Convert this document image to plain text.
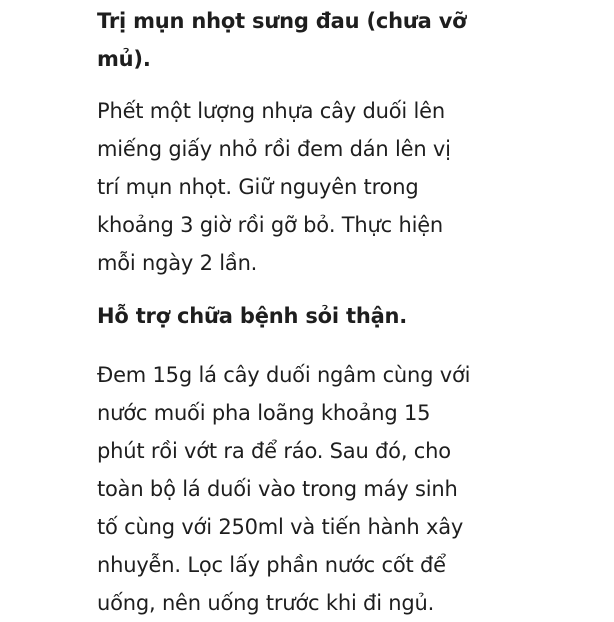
Trị mụn nhọt sưng đau (chưa vỡ
mủ).

Phết một lượng nhựa cây duối lên
miếng giấy nhỏ rồi đem dán lên vị
trí mụn nhọt. Giữ nguyên trong
khoảng 3 giờ rồi gỡ bỏ. Thực hiện
mỗi ngày 2 lần.

Hỗ trợ chữa bệnh sỏi thận.

Đem 15g lá cây duối ngâm cùng với
nước muối pha loãng khoảng 15
phút rồi vớt ra để ráo. Sau đó, cho
toàn bộ lá duối vào trong máy sinh
tố cùng với 250ml và tiến hành xây
nhuyễn. Lọc lấy phần nước cốt để
uống, nên uống trước khi đi ngủ.
